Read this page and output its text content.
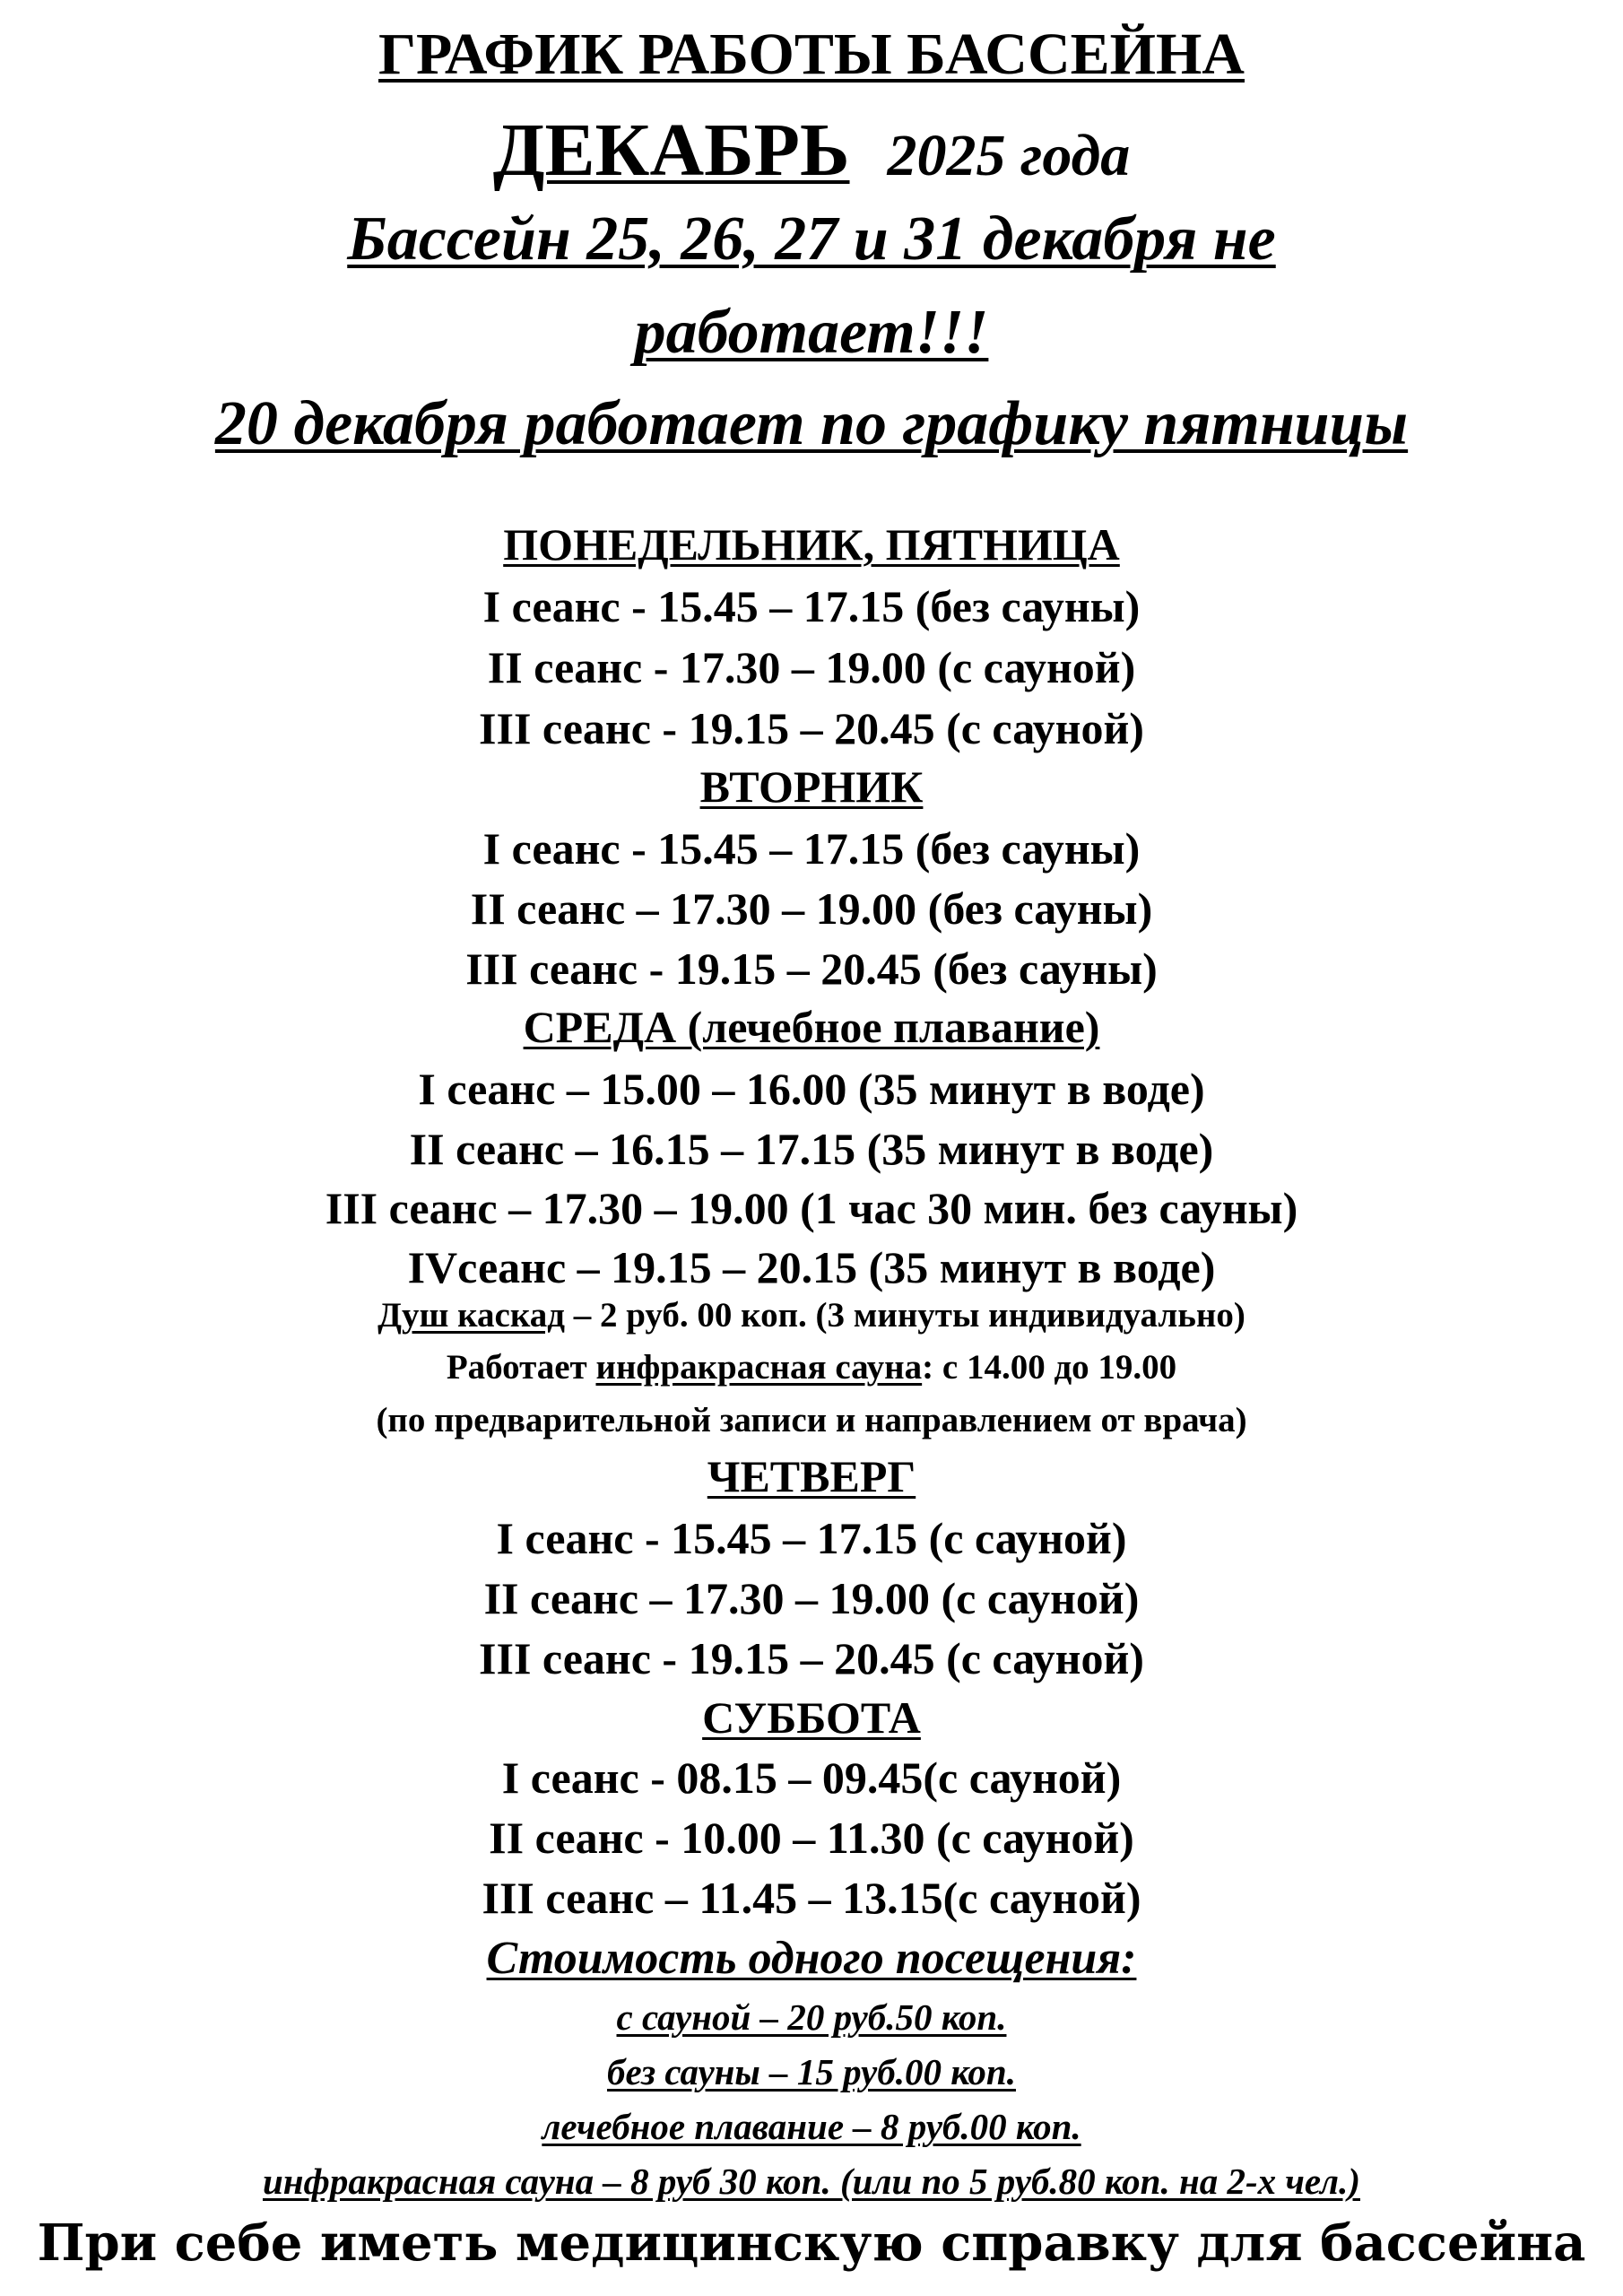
ГРАФИК РАБОТЫ БАССЕЙНА
ДЕКАБРЬ 2025 года
Бассейн 25, 26, 27 и 31 декабря не
работает!!!
20 декабря работает по графику пятницы
ПОНЕДЕЛЬНИК, ПЯТНИЦА
I сеанс - 15.45 – 17.15 (без сауны)
II сеанс - 17.30 – 19.00 (с сауной)
III сеанс - 19.15 – 20.45 (с сауной)
ВТОРНИК
I сеанс - 15.45 – 17.15 (без сауны)
II сеанс – 17.30 – 19.00 (без сауны)
III сеанс - 19.15 – 20.45 (без сауны)
СРЕДА (лечебное плавание)
I сеанс – 15.00 – 16.00 (35 минут в воде)
II сеанс – 16.15 – 17.15 (35 минут в воде)
III сеанс – 17.30 – 19.00 (1 час 30 мин. без сауны)
IVсеанс – 19.15 – 20.15 (35 минут в воде)
Душ каскад – 2 руб. 00 коп. (3 минуты индивидуально)
Работает инфракрасная сауна: с 14.00 до 19.00
(по предварительной записи и направлением от врача)
ЧЕТВЕРГ
I сеанс - 15.45 – 17.15 (с сауной)
II сеанс – 17.30 – 19.00 (с сауной)
III сеанс - 19.15 – 20.45 (с сауной)
СУББОТА
I сеанс - 08.15 – 09.45(с сауной)
II сеанс - 10.00 – 11.30 (с сауной)
III сеанс – 11.45 – 13.15(с сауной)
Стоимость одного посещения:
с сауной – 20 руб.50 коп.
без сауны – 15 руб.00 коп.
лечебное плавание – 8 руб.00 коп.
инфракрасная сауна – 8 руб 30 коп. (или по 5 руб.80 коп. на 2-х чел.)
При себе иметь медицинскую справку для бассейна
